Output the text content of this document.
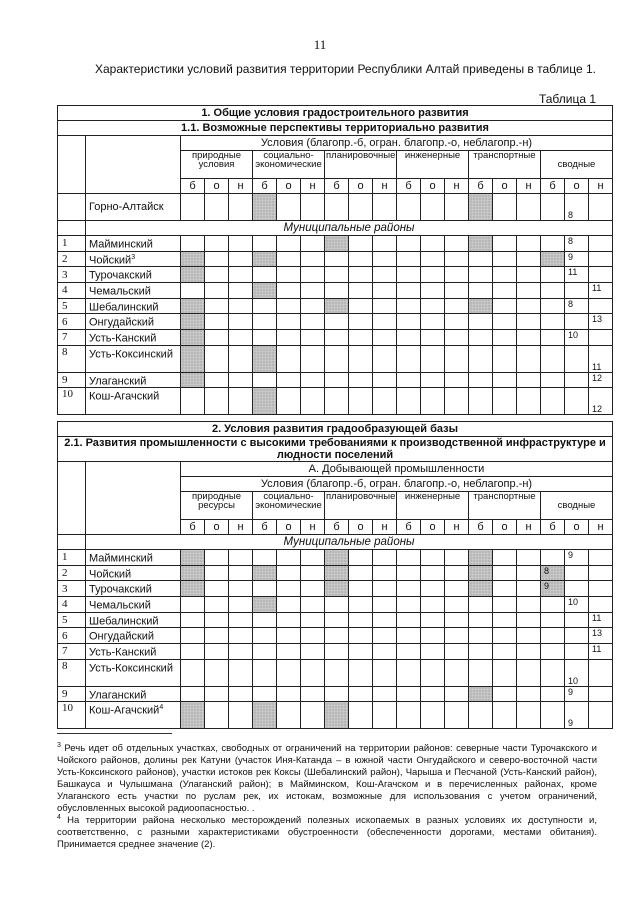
11
Характеристики условий развития территории Республики Алтай приведены в таблице 1.
Таблица 1
1. Общие условия градостроительного развития																			
1.1. Возможные перспективы территориально развития																			
		Условия (благопр.-б, огран. благопр.-о, неблагопр.-н)																	
		природные условия			социально-экономические			планировочные			инженерные			транспортные			сводные		
		б	о	н	б	о	н	б	о	н	б	о	н	б	о	н	б	о	н
	Горно-Алтайск																	8	
	Муниципальные районы																		
1	Майминский																	8	
2	Чойский$^3$																	9	
3	Турочакский																	11	
4	Чемальский																		11
5	Шебалинский																	8	
6	Онгудайский																		13
7	Усть-Канский																	10	
8	Усть-Коксинский																		11
9	Улаганский																		12
10	Кош-Агачский																		12
2. Условия развития градообразующей базы																			
2.1. Развития промышленности с высокими требованиями к производственной инфраструктуре и людности поселений																			
		А. Добывающей промышленности																	
		Условия (благопр.-б, огран. благопр.-о, неблагопр.-н)																	
		природные ресурсы			социально-экономические			планировочные			инженерные			транспортные			сводные		
		б	о	н	б	о	н	б	о	н	б	о	н	б	о	н	б	о	н
	Муниципальные районы																		
1	Майминский																	9	
2	Чойский																8		
3	Турочакский																9		
4	Чемальский																	10	
5	Шебалинский																		11
6	Онгудайский																		13
7	Усть-Канский																		11
8	Усть-Коксинский																	10	
9	Улаганский																	9	
10	Кош-Агачский$^4$																	9	
$^3$ Речь идет об отдельных участках, свободных от ограничений на территории районов: северные части Турочакского и Чойского районов, долины рек Катуни (участок Иня-Катанда – в южной части Онгудайского и северо-восточной части Усть-Коксинского районов), участки истоков рек Коксы (Шебалинский район), Чарыша и Песчаной (Усть-Канский район), Башкауса и Чулышмана (Улаганский район); в Майминском, Кош-Агачском и в перечисленных районах, кроме Улаганского есть участки по руслам рек, их истокам, возможные для использования с учетом ограничений, обусловленных высокой радиоопасностью. .
$^4$ На территории района несколько месторождений полезных ископаемых в разных условиях их доступности и, соответственно, с разными характеристиками обустроенности (обеспеченности дорогами, местами обитания). Принимается среднее значение (2).
